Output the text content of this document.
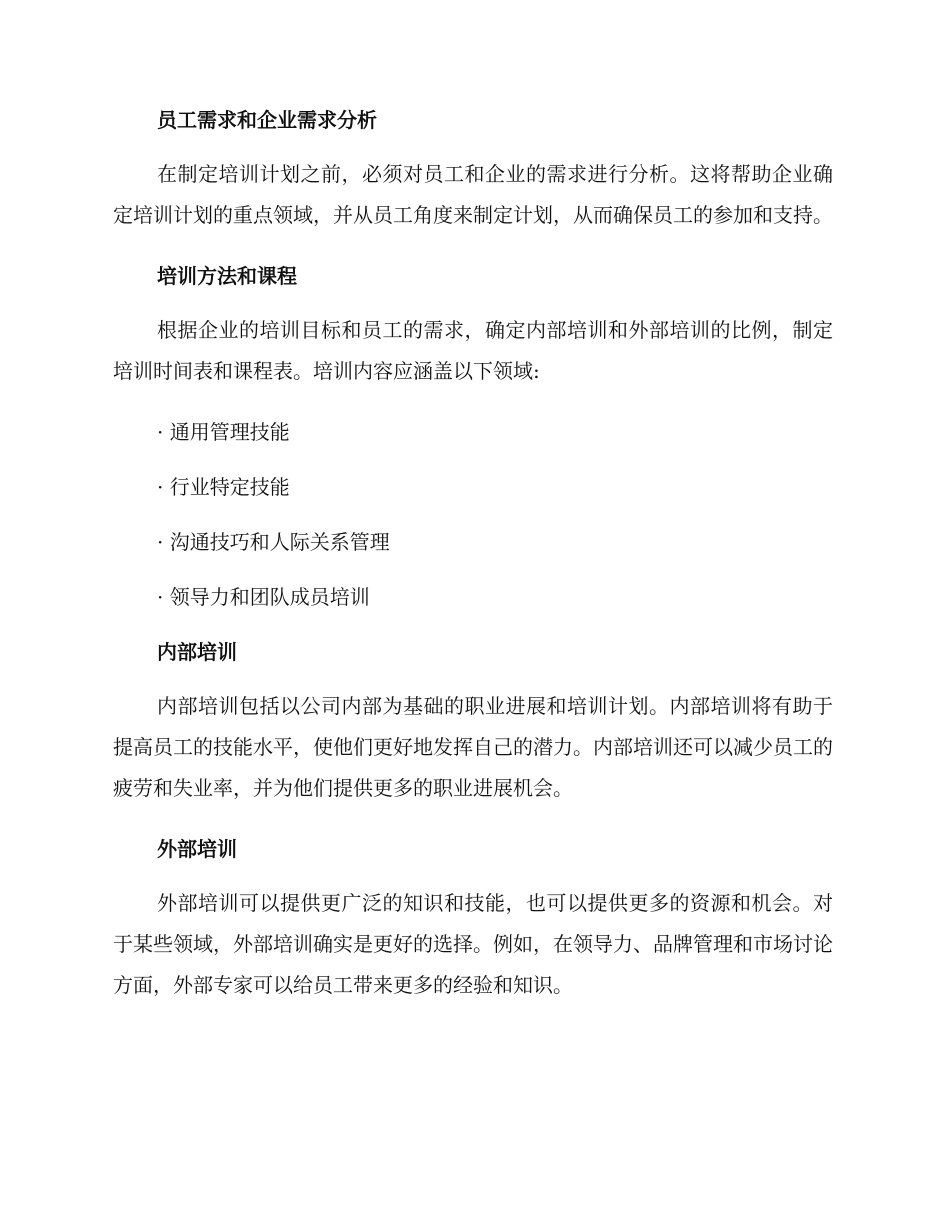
员工需求和企业需求分析

在制定培训计划之前，必须对员工和企业的需求进行分析。这将帮助企业确定培训计划的重点领域，并从员工角度来制定计划，从而确保员工的参加和支持。

培训方法和课程

根据企业的培训目标和员工的需求，确定内部培训和外部培训的比例，制定培训时间表和课程表。培训内容应涵盖以下领域:

· 通用管理技能

· 行业特定技能

· 沟通技巧和人际关系管理

· 领导力和团队成员培训

内部培训

内部培训包括以公司内部为基础的职业进展和培训计划。内部培训将有助于提高员工的技能水平，使他们更好地发挥自己的潜力。内部培训还可以减少员工的疲劳和失业率，并为他们提供更多的职业进展机会。

外部培训

外部培训可以提供更广泛的知识和技能，也可以提供更多的资源和机会。对于某些领域，外部培训确实是更好的选择。例如，在领导力、品牌管理和市场讨论方面，外部专家可以给员工带来更多的经验和知识。
